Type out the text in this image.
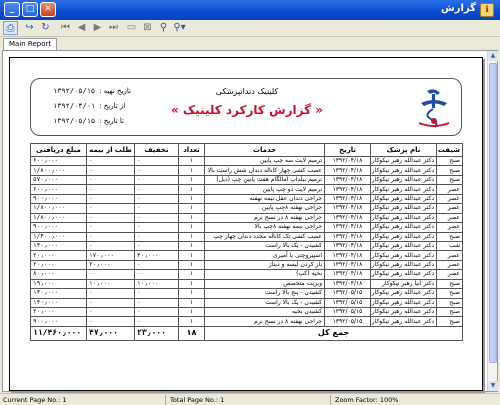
_	□	✕	گزارش	ℹ
⎙	↪ ↻	⏮ ◀ ▶ ⏭ ▭ ⊠ ⚲ ⚲▾
Main Report
کلینیک دندانپزشکی
« گزارش کارکرد کلینیک »
تاریخ تهیه :۱۳۹۲/۰۵/۱۵
از تاریخ :۱۳۹۲/۰۴/۰۱
تا تاریخ :۱۳۹۲/۰۵/۱۵
شیفت	نام پزشک	تاریخ	خدمات	تعداد	تخفیف	طلب از بیمه	مبلغ دریافتی
صبح	دکتر عبدالله رهبر نیکوکار	۱۳۹۲/۰۴/۱۸	ترمیم لایت سه چپ پایین	۱	۰	۰	۶۰۰٫۰۰۰
صبح	دکتر عبدالله رهبر نیکوکار	۱۳۹۲/۰۴/۱۸	عصب کشی چهار کاناله دندان شش راست بالا	۱	۰	۰	۱/۸۰۰٫۰۰۰
صبح	دکتر عبدالله رهبر نیکوکار	۱۳۹۲/۰۴/۱۸	ترمیم بیلدآپ آمالگام هفت پایین چپ (ذیل)	۱	۰	۰	۵۷۰٫۰۰۰
عصر	دکتر عبدالله رهبر نیکوکار	۱۳۹۲/۰۴/۱۸	ترمیم لایت دو چپ پایین	۱	۰	۰	۶۰۰٫۰۰۰
عصر	دکتر عبدالله رهبر نیکوکار	۱۳۹۲/۰۴/۱۸	جراحی دندان عقل نیمه نهفته	۱	۰	۰	۹۰۰٫۰۰۰
عصر	دکتر عبدالله رهبر نیکوکار	۱۳۹۲/۰۴/۱۸	جراحی نهفته ۸چپ پایین	۱	۰	۰	۱/۸۰۰٫۰۰۰
عصر	دکتر عبدالله رهبر نیکوکار	۱۳۹۲/۰۴/۱۸	جراحی نهفته ۸ در نسج نرم	۱	۰	۰	۱/۸۰۰٫۰۰۰
عصر	دکتر عبدالله رهبر نیکوکار	۱۳۹۲/۰۴/۱۸	جراحی نیمه نهفته ۸چپ بالا	۱	۰	۰	۹۰۰٫۰۰۰
صبح	دکتر عبدالله رهبر نیکوکار	۱۳۹۲/۰۴/۱۸	عصب کشی تک کاناله مجدد دندان چهار چپ	۱	۰	۰	۱/۴۰۰٫۰۰۰
شب	دکتر عبدالله رهبر نیکوکار	۱۳۹۲/۰۴/۱۸	کشیدن - یک بالا راست	۱	۰	۰	۱۴۰٫۰۰۰
عصر	دکتر عبدالله رهبر نیکوکار	۱۳۹۲/۰۴/۱۸	اسپیروچتی یا آمپری	۱	۳۰٫۰۰۰	۱۷۰٫۰۰۰	۲۰٫۰۰۰
عصر	دکتر عبدالله رهبر نیکوکار	۱۳۹۲/۰۴/۱۸	باز کردن لیسه و دیناژ	۱	۰	۲۰٫۰۰۰	۲۰٫۰۰۰
عصر	دکتر عبدالله رهبر نیکوکار	۱۳۹۲/۰۴/۱۸	بخیه (کپ)	۱	۰	۰	۸۰٫۰۰۰
صبح	دکتر آنیا رهبر نیکوکار	۱۳۹۲/۰۴/۱۸	ویزیت متخصص	۱	۱۰٫۰۰۰	۱۰٫۰۰۰	۱۹٫۰۰۰
صبح	دکتر عبدالله رهبر نیکوکار	۱۳۹۲/۰۵/۱۵	کشیدن - پنج بالا راست	۱	۰	۰	۱۴۰٫۰۰۰
صبح	دکتر عبدالله رهبر نیکوکار	۱۳۹۲/۰۵/۱۵	کشیدن - یک بالا راست	۱	۰	۰	۱۴۰٫۰۰۰
صبح	دکتر عبدالله رهبر نیکوکار	۱۳۹۲/۰۵/۱۵	کشیدن بخیه	۱	۰	۰	۲۰٫۰۰۰
صبح	دکتر عبدالله رهبر نیکوکار	۱۳۹۲/۰۵/۱۵	جراحی نهفته ۸ در نسج نرم	۱	۰	۰	۹۰۰٫۰۰۰
جمع کل				۱۸	۲۳٫۰۰۰	۴۷٫۰۰۰	۱۱/۴۶۰٫۰۰۰
▲
▼
Current Page No.: 1	Total Page No.: 1	Zoom Factor: 100%
